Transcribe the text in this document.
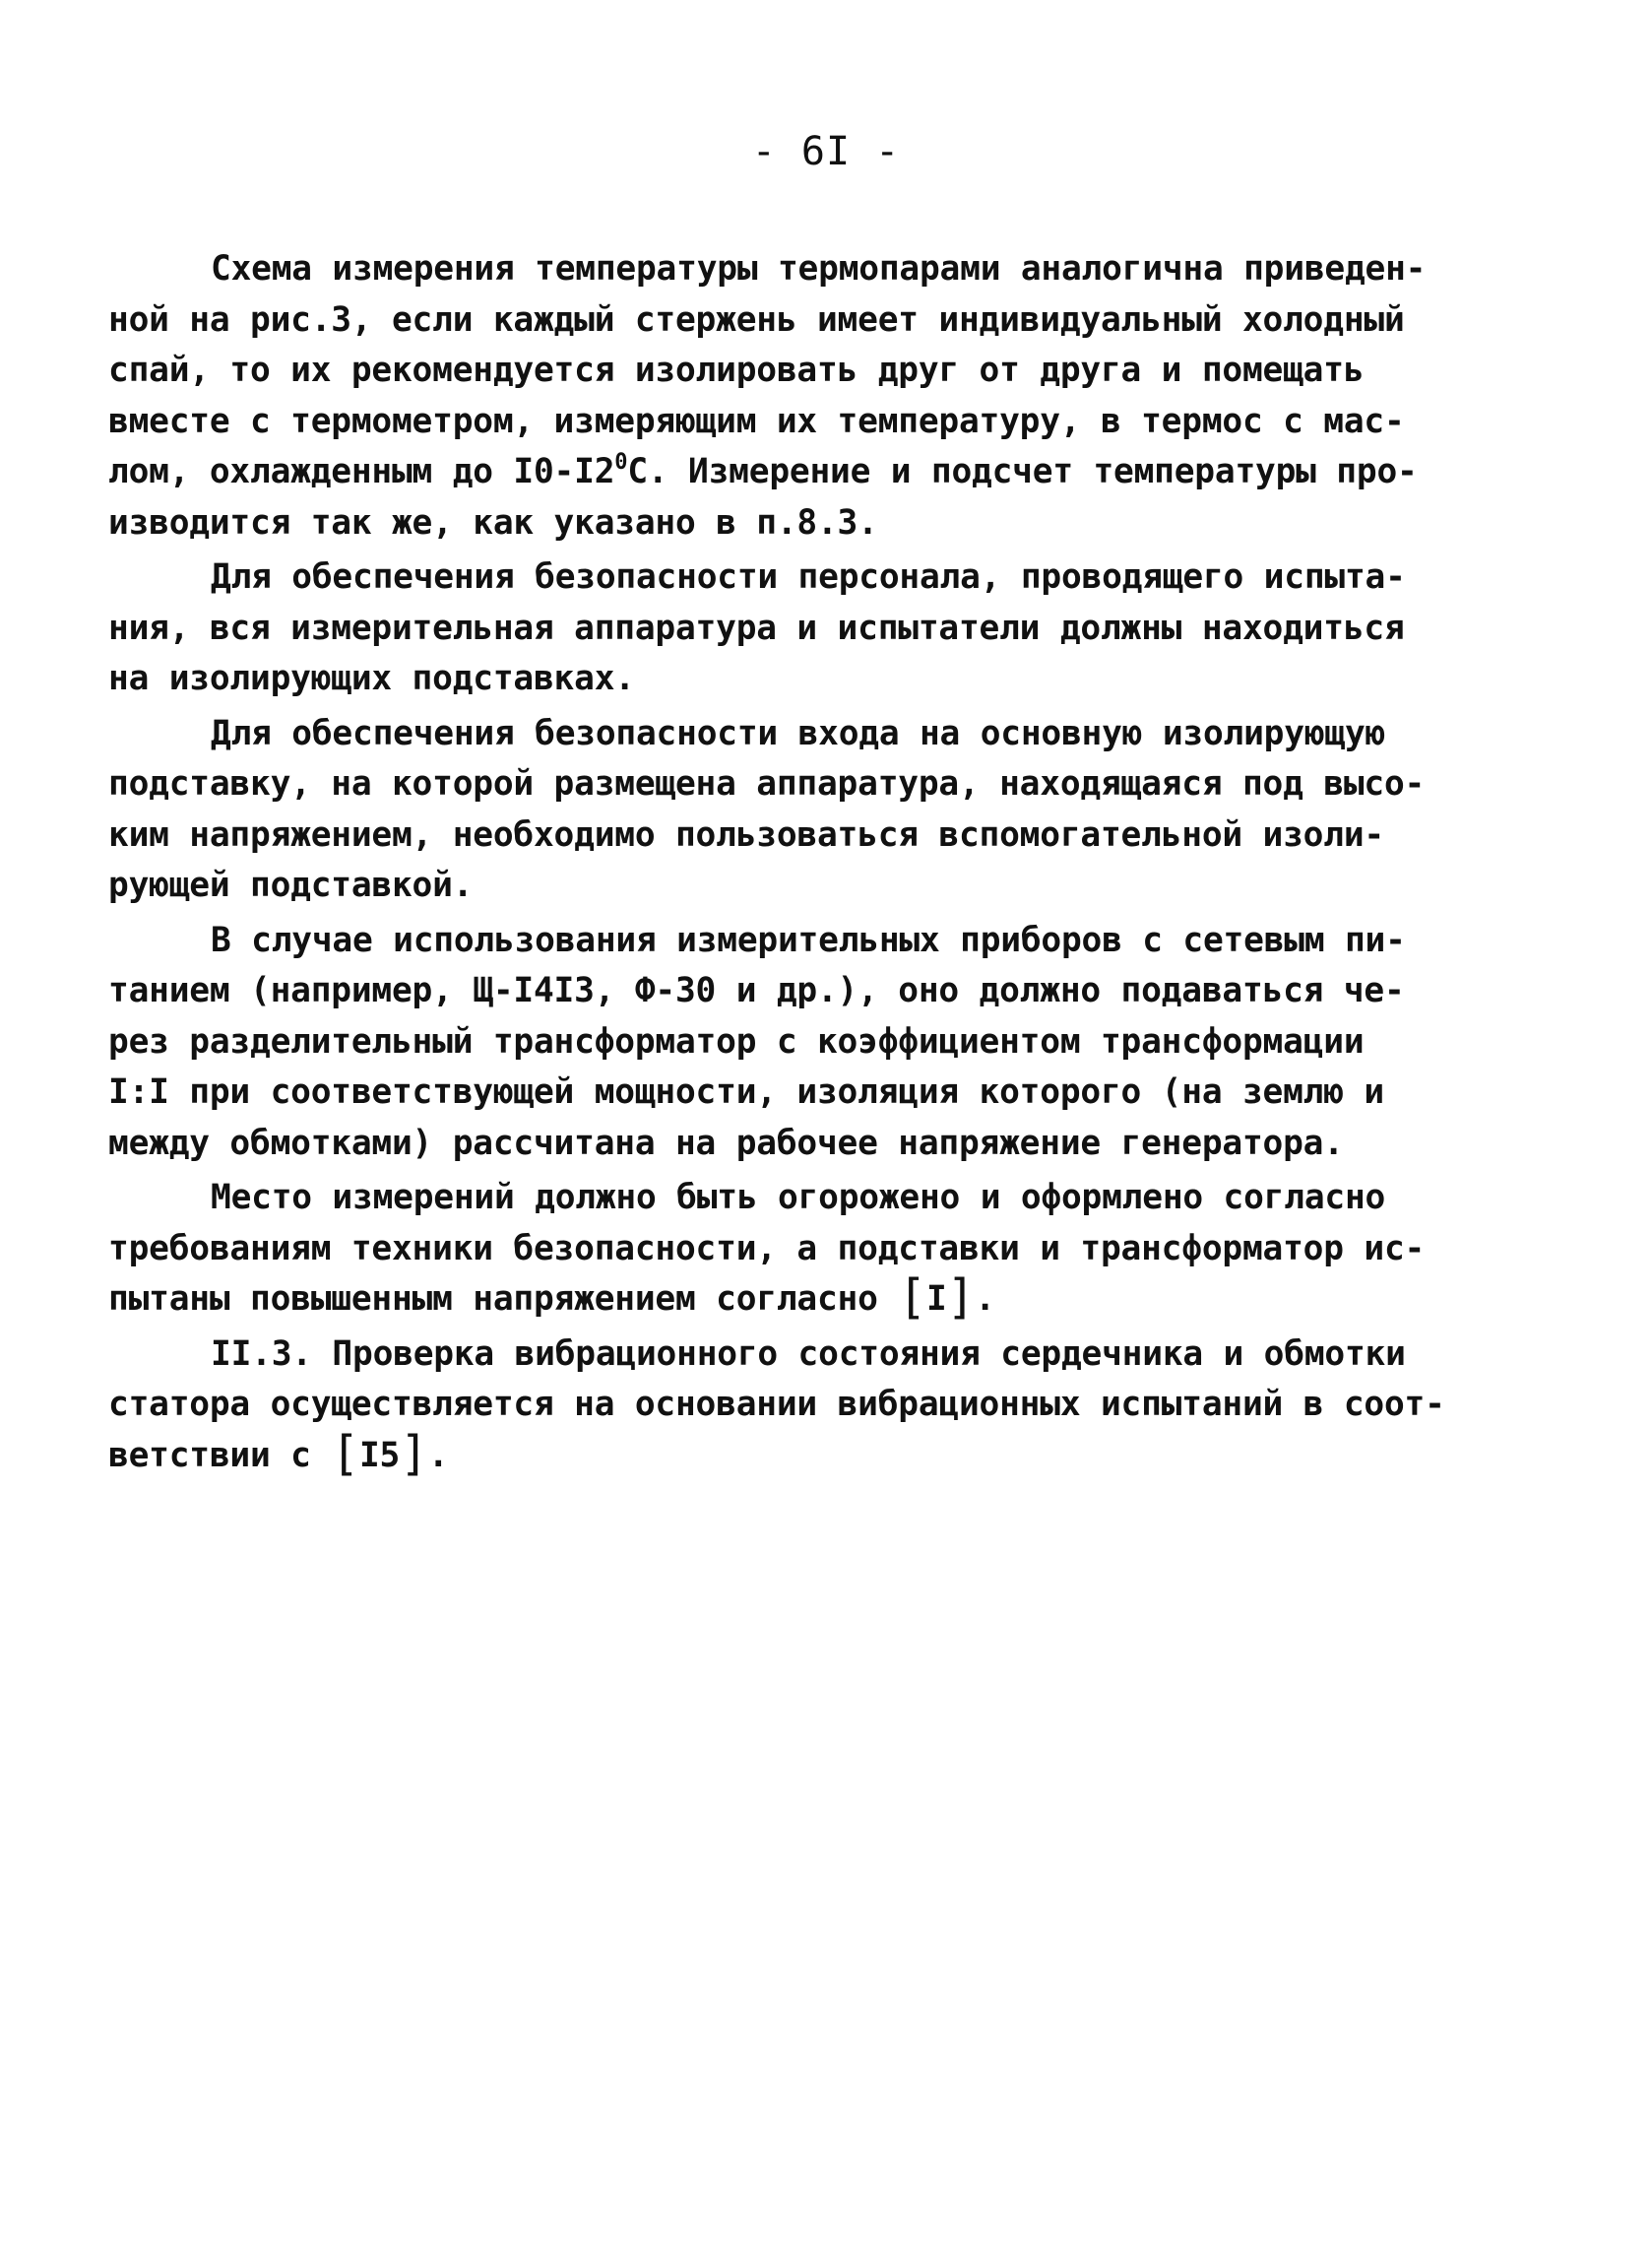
- 6I -
Схема измерения температуры термопарами аналогична приведен-
ной на рис.3, если каждый стержень имеет индивидуальный холодный
спай, то их рекомендуется изолировать друг от друга и помещать
вместе с термометром, измеряющим их температуру, в термос с мас-
лом, охлажденным до $I0-I2^0С$. Измерение и подсчет температуры про-
изводится так же, как указано в п.8.3.
Для обеспечения безопасности персонала, проводящего испыта-
ния, вся измерительная аппаратура и испытатели должны находиться
на изолирующих подставках.
Для обеспечения безопасности входа на основную изолирующую
подставку, на которой размещена аппаратура, находящаяся под высо-
ким напряжением, необходимо пользоваться вспомогательной изоли-
рующей подставкой.
В случае использования измерительных приборов с сетевым пи-
танием (например, Щ-I4I3, Ф-30 и др.), оно должно подаваться че-
рез разделительный трансформатор с коэффициентом трансформации
I:I при соответствующей мощности, изоляция которого (на землю и
между обмотками) рассчитана на рабочее напряжение генератора.
Место измерений должно быть огорожено и оформлено согласно
требованиям техники безопасности, а подставки и трансформатор ис-
пытаны повышенным напряжением согласно [I].
II.3. Проверка вибрационного состояния сердечника и обмотки
статора осуществляется на основании вибрационных испытаний в соот-
ветствии с [I5].
